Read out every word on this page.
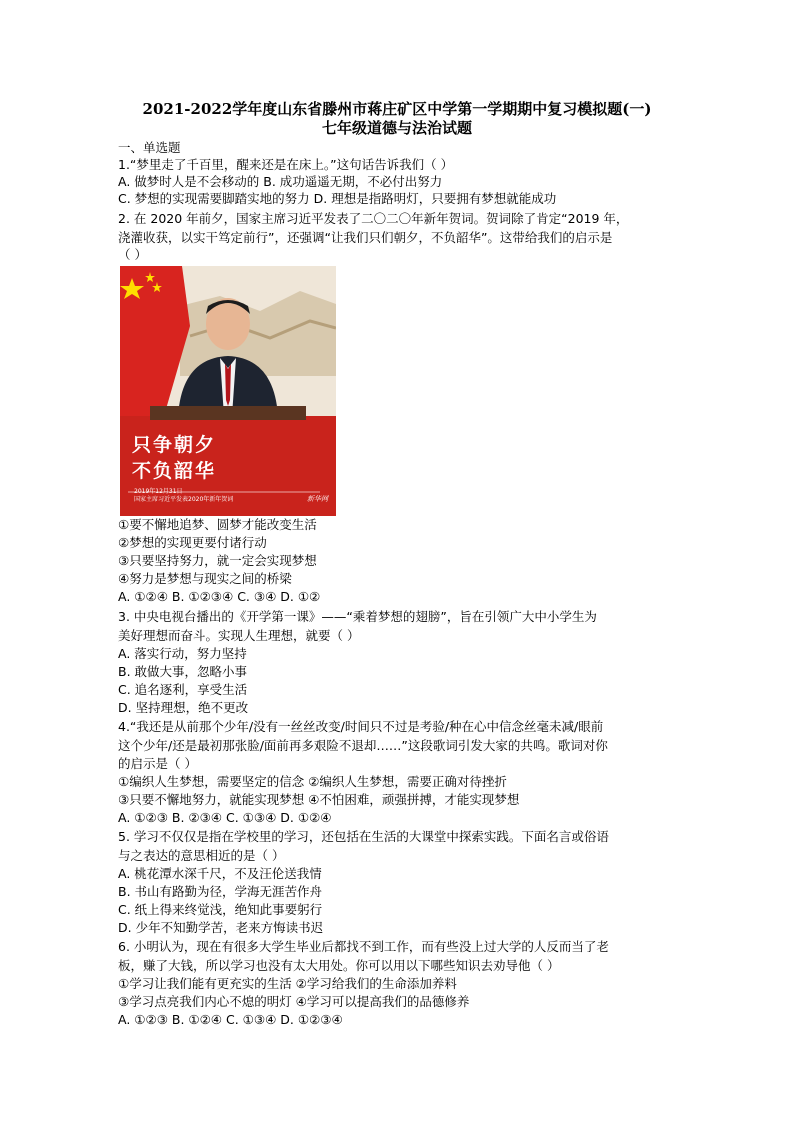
2021-2022学年度山东省滕州市蒋庄矿区中学第一学期期中复习模拟题(一)
七年级道德与法治试题
一、单选题
1.“梦里走了千百里，醒来还是在床上。”这句话告诉我们（ ）
A. 做梦时人是不会移动的 B. 成功遥遥无期，不必付出努力
C. 梦想的实现需要脚踏实地的努力 D. 理想是指路明灯，只要拥有梦想就能成功
2. 在 2020 年前夕，国家主席习近平发表了二〇二〇年新年贺词。贺词除了肯定“2019 年，
浇灌收获，以实干笃定前行”，还强调“让我们只们朝夕，不负韶华”。这带给我们的启示是
（ ）
只争朝夕
不负韶华
2019年12月31日
国家主席习近平发表2020年新年贺词	新华网
①要不懈地追梦、圆梦才能改变生活
②梦想的实现更要付诸行动
③只要坚持努力，就一定会实现梦想
④努力是梦想与现实之间的桥梁
A. ①②④ B. ①②③④ C. ③④ D. ①②
3. 中央电视台播出的《开学第一课》——“乘着梦想的翅膀”，旨在引领广大中小学生为
美好理想而奋斗。实现人生理想，就要（ ）
A. 落实行动，努力坚持
B. 敢做大事，忽略小事
C. 追名逐利，享受生活
D. 坚持理想，绝不更改
4.“我还是从前那个少年/没有一丝丝改变/时间只不过是考验/种在心中信念丝毫未减/眼前
这个少年/还是最初那张脸/面前再多艰险不退却……”这段歌词引发大家的共鸣。歌词对你
的启示是（ ）
①编织人生梦想，需要坚定的信念 ②编织人生梦想，需要正确对待挫折
③只要不懈地努力，就能实现梦想 ④不怕困难，顽强拼搏，才能实现梦想
A. ①②③ B. ②③④ C. ①③④ D. ①②④
5. 学习不仅仅是指在学校里的学习，还包括在生活的大课堂中探索实践。下面名言或俗语
与之表达的意思相近的是（ ）
A. 桃花潭水深千尺，不及汪伦送我情
B. 书山有路勤为径，学海无涯苦作舟
C. 纸上得来终觉浅，绝知此事要躬行
D. 少年不知勤学苦，老来方悔读书迟
6. 小明认为，现在有很多大学生毕业后都找不到工作，而有些没上过大学的人反而当了老
板，赚了大钱，所以学习也没有太大用处。你可以用以下哪些知识去劝导他（ ）
①学习让我们能有更充实的生活 ②学习给我们的生命添加养料
③学习点亮我们内心不熄的明灯 ④学习可以提高我们的品德修养
A. ①②③ B. ①②④ C. ①③④ D. ①②③④
